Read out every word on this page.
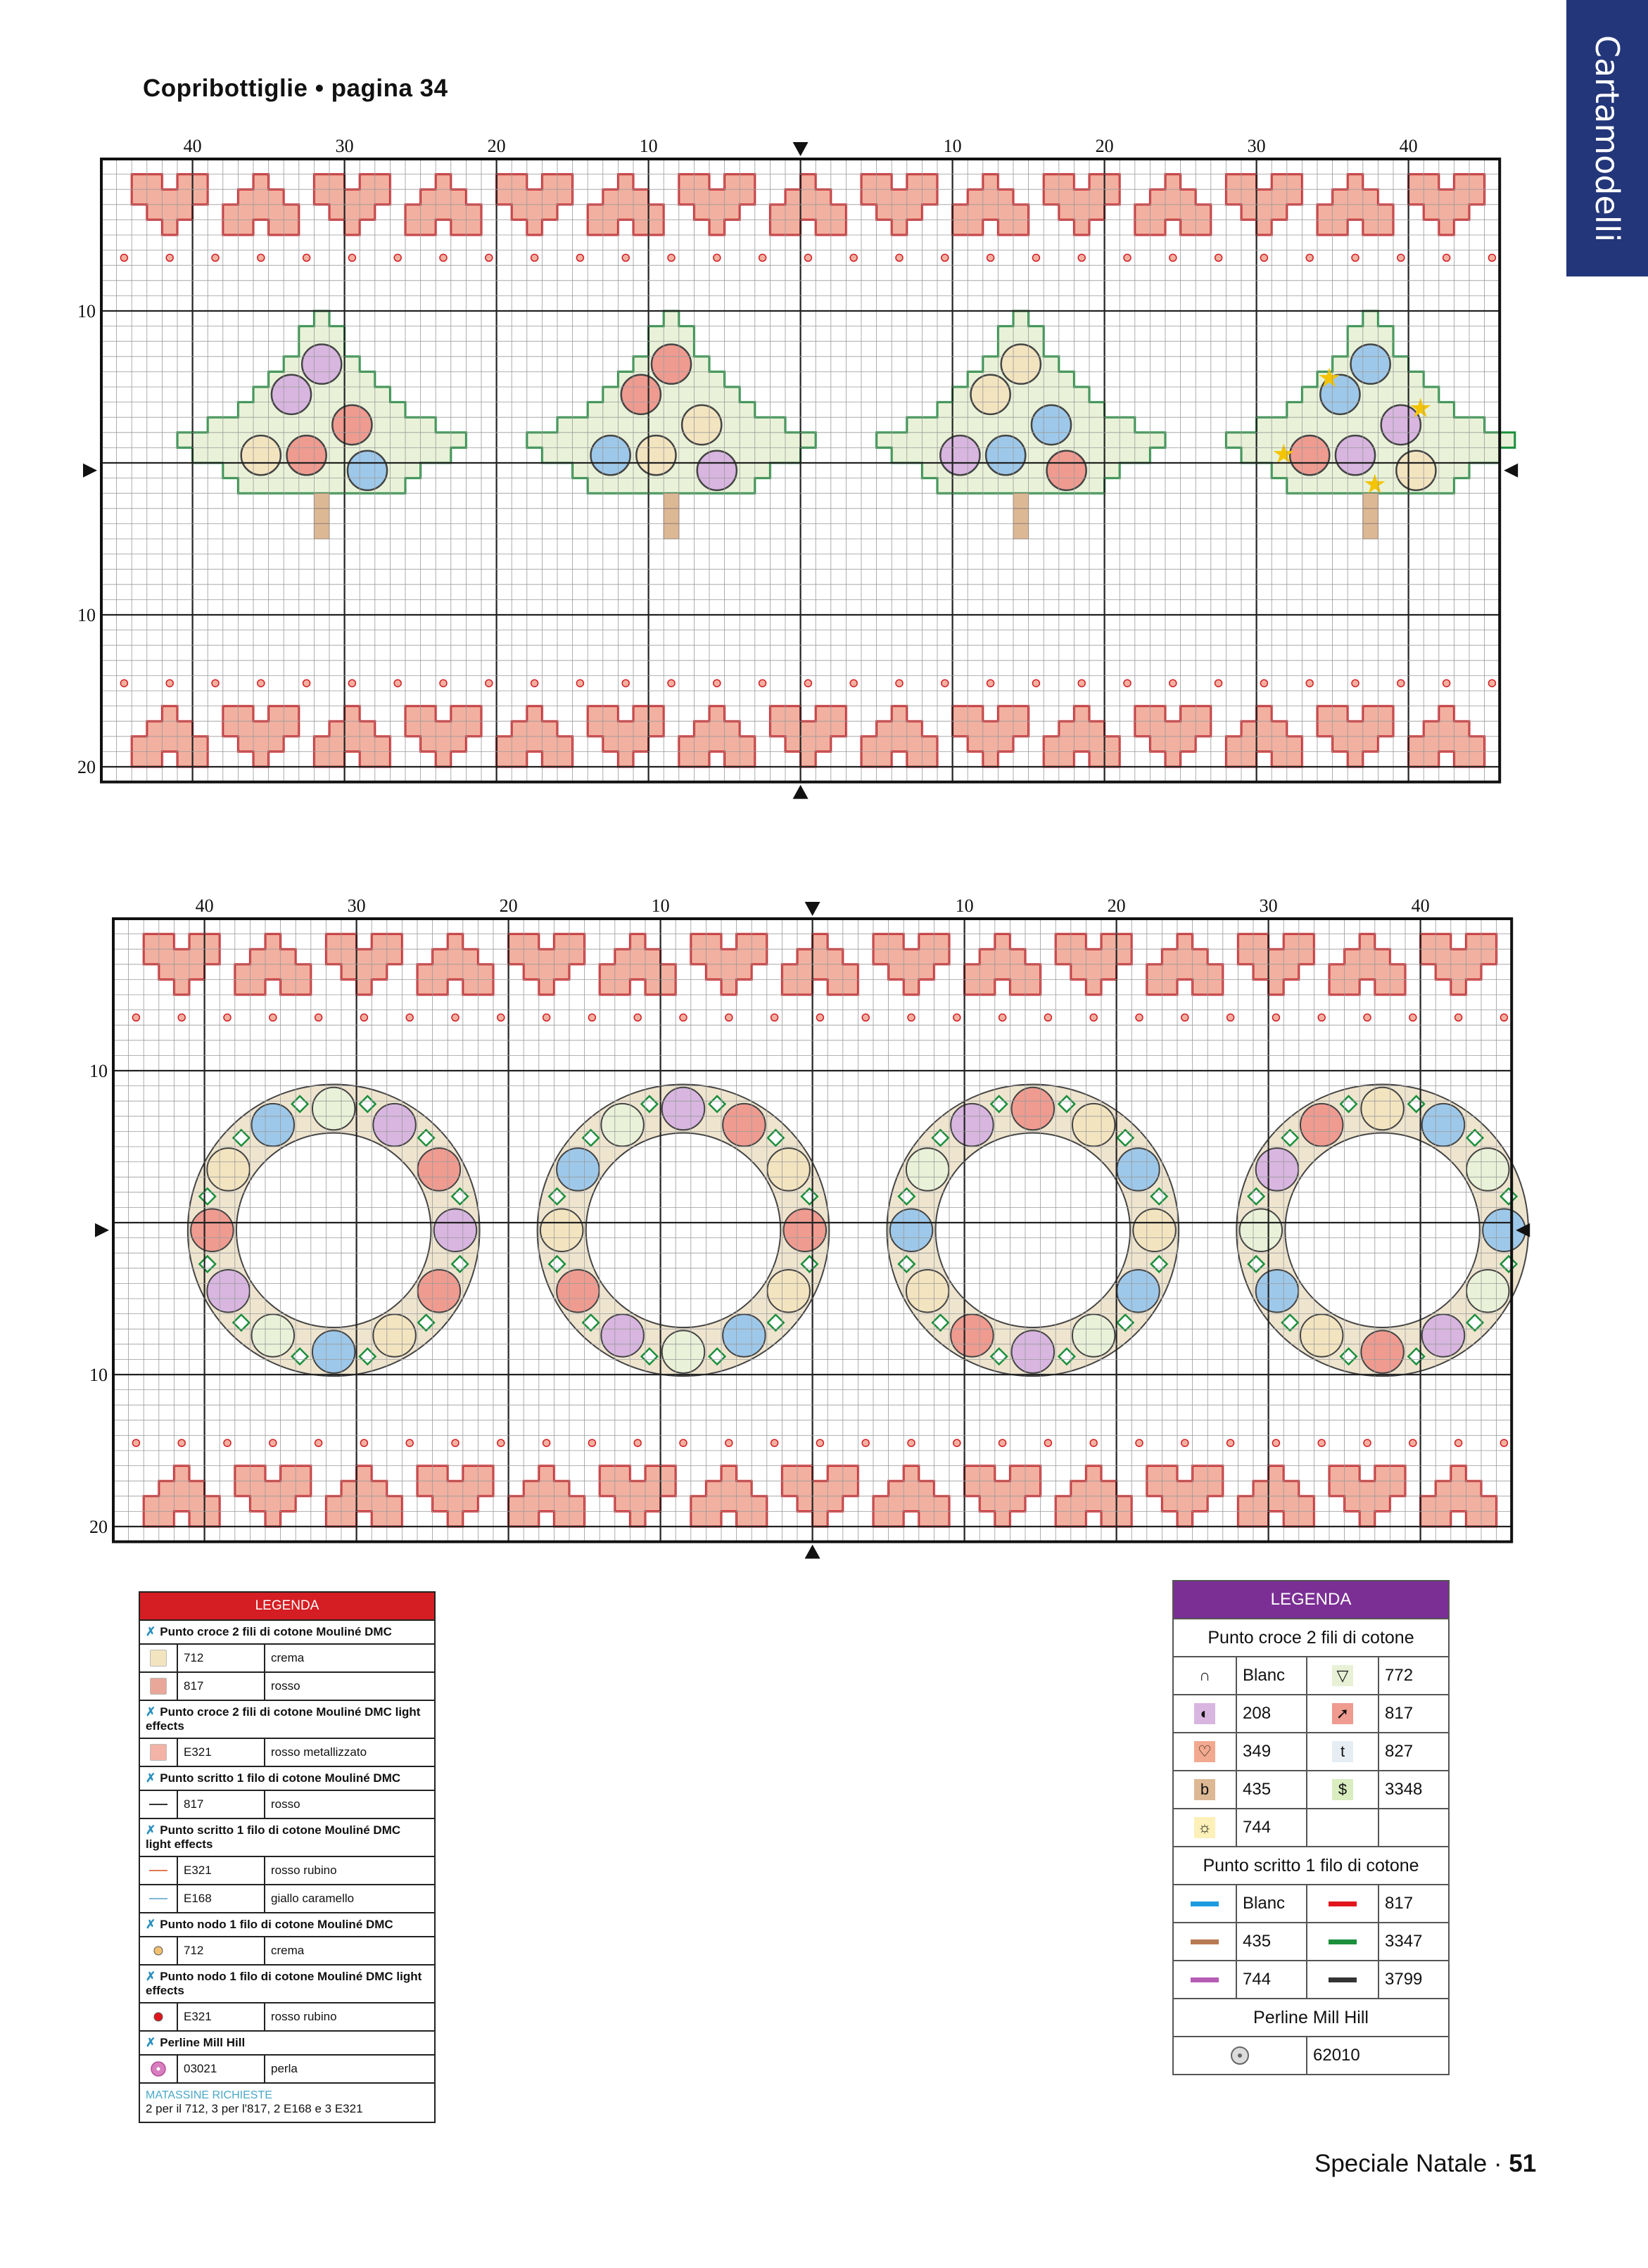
Copribottiglie • pagina 34	Cartamodelli
★
★
★
★
40	30	20	10	10	20	30	40
10
10
20
40	30	20	10	10	20	30	40
10
10
20
LEGENDA
✗ Punto croce 2 fili di cotone Mouliné DMC
712	crema
817	rosso
✗ Punto croce 2 fili di cotone Mouliné DMC light effects
E321	rosso metallizzato
✗ Punto scritto 1 filo di cotone Mouliné DMC
817	rosso
✗ Punto scritto 1 filo di cotone Mouliné DMC light effects
E321	rosso rubino
E168	giallo caramello
✗ Punto nodo 1 filo di cotone Mouliné DMC
712	crema
✗ Punto nodo 1 filo di cotone Mouliné DMC light effects
E321	rosso rubino
✗ Perline Mill Hill
03021	perla
MATASSINE RICHIESTE
2 per il 712, 3 per l'817, 2 E168 e 3 E321
LEGENDA
Punto croce 2 fili di cotone
∩	Blanc	▽	772
◐	208	➚	817
♡	349	t	827
b	435	$	3348
☼	744
Punto scritto 1 filo di cotone
Blanc	817
435	3347
744	3799
Perline Mill Hill
62010
Speciale Natale · 51
